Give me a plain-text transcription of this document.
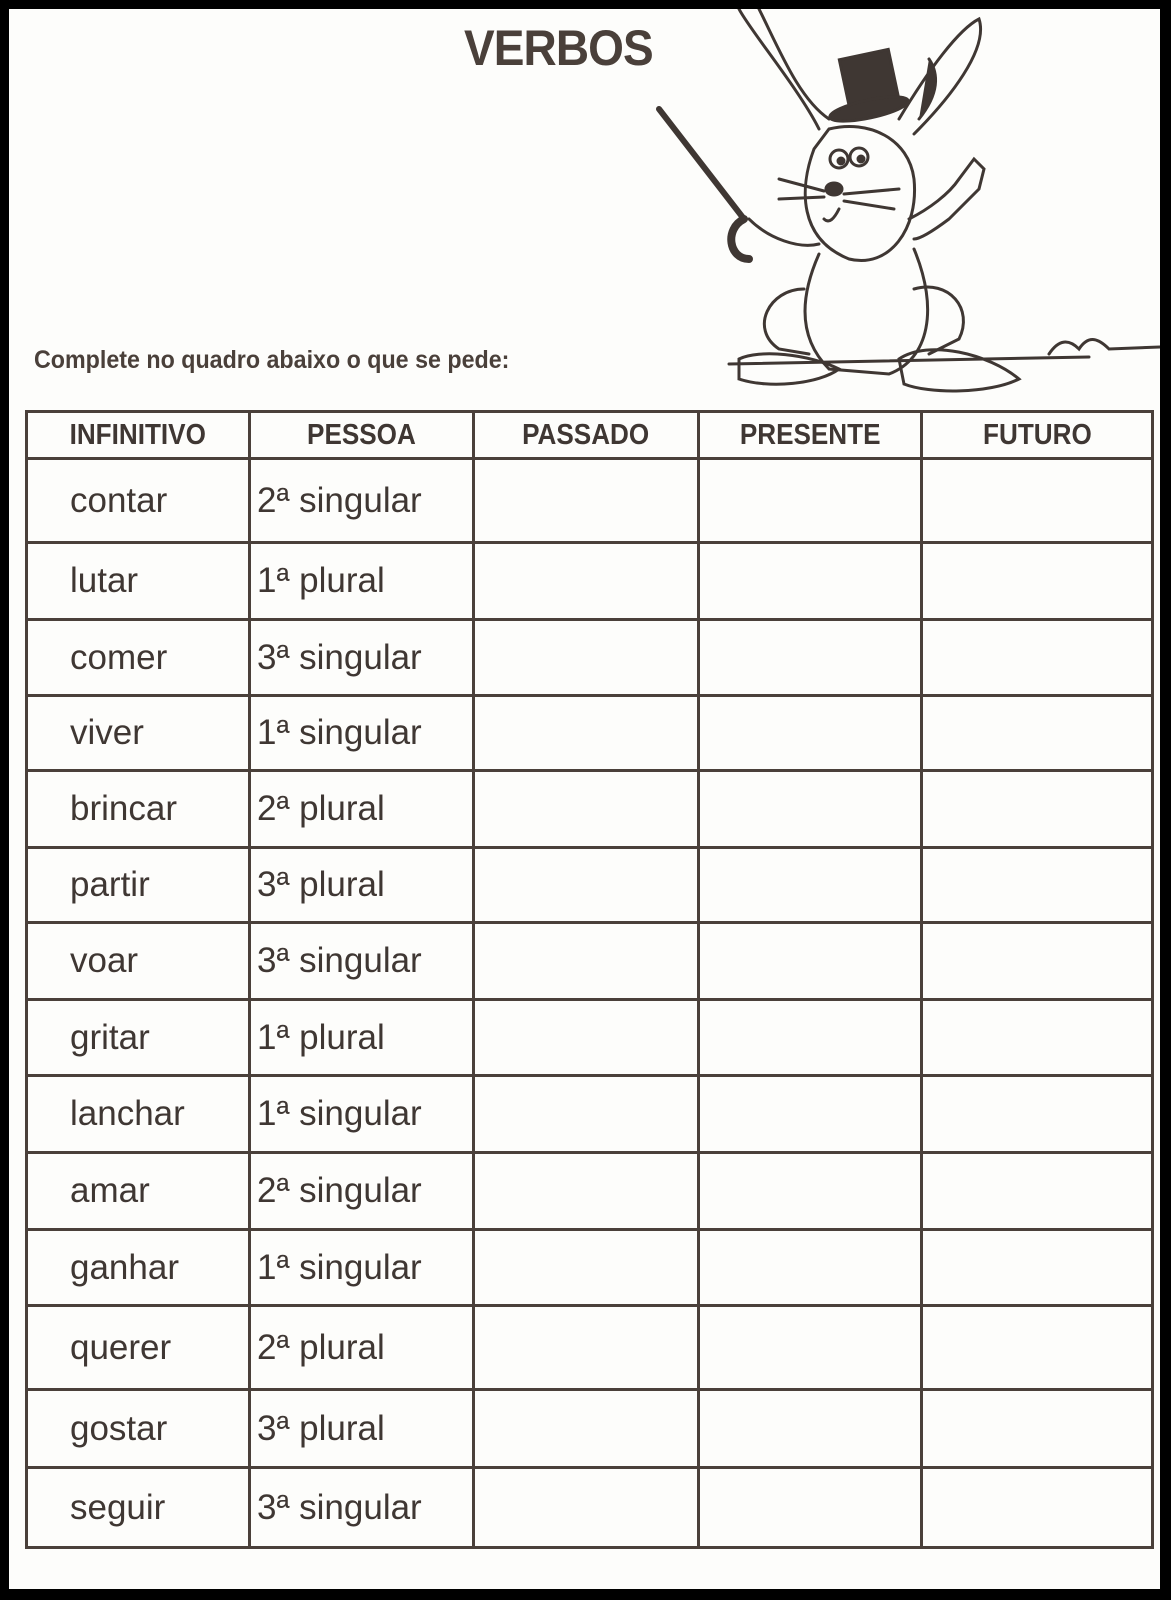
VERBOS
Complete no quadro abaixo o que se pede:
INFINITIVO	PESSOA	PASSADO	PRESENTE	FUTURO
contar	2ª singular			
lutar	1ª plural			
comer	3ª singular			
viver	1ª singular			
brincar	2ª plural			
partir	3ª plural			
voar	3ª singular			
gritar	1ª plural			
lanchar	1ª singular			
amar	2ª singular			
ganhar	1ª singular			
querer	2ª plural			
gostar	3ª plural			
seguir	3ª singular			
